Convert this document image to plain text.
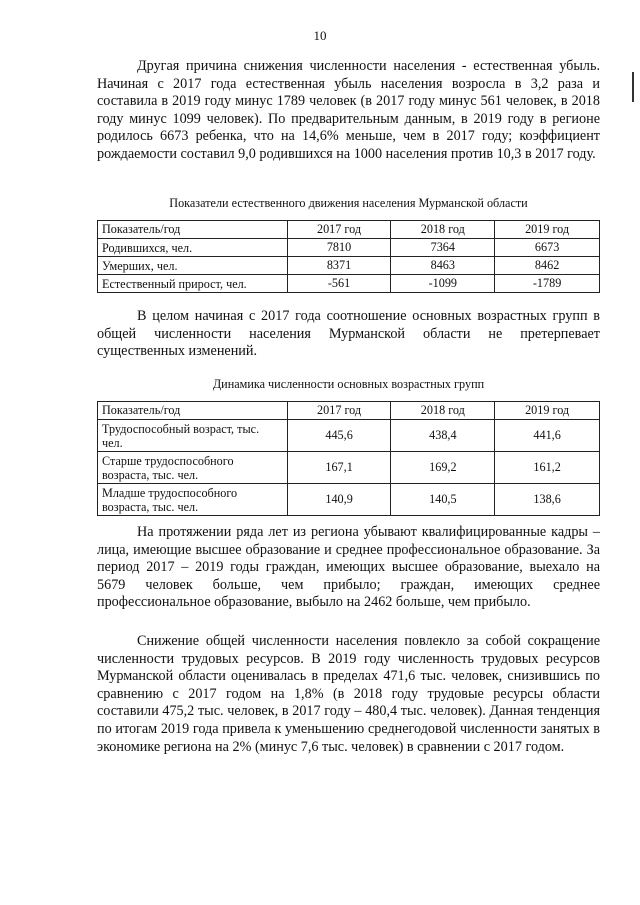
10

Другая причина снижения численности населения - естественная убыль. Начиная с 2017 года естественная убыль населения возросла в 3,2 раза и составила в 2019 году минус 1789 человек (в 2017 году минус 561 человек, в 2018 году минус 1099 человек). По предварительным данным, в 2019 году в регионе родилось 6673 ребенка, что на 14,6% меньше, чем в 2017 году; коэффициент рождаемости составил 9,0 родившихся на 1000 населения против 10,3 в 2017 году.

Показатели естественного движения населения Мурманской области

Показатель/год	2017 год	2018 год	2019 год
Родившихся, чел.	7810	7364	6673
Умерших, чел.	8371	8463	8462
Естественный прирост, чел.	-561	-1099	-1789

В целом начиная с 2017 года соотношение основных возрастных групп в общей численности населения Мурманской области не претерпевает существенных изменений.

Динамика численности основных возрастных групп

Показатель/год	2017 год	2018 год	2019 год
Трудоспособный возраст, тыс. чел.	445,6	438,4	441,6
Старше трудоспособного возраста, тыс. чел.	167,1	169,2	161,2
Младше трудоспособного возраста, тыс. чел.	140,9	140,5	138,6

На протяжении ряда лет из региона убывают квалифицированные кадры – лица, имеющие высшее образование и среднее профессиональное образование. За период 2017 – 2019 годы граждан, имеющих высшее образование, выехало на 5679 человек больше, чем прибыло; граждан, имеющих среднее профессиональное образование, выбыло на 2462 больше, чем прибыло.

Снижение общей численности населения повлекло за собой сокращение численности трудовых ресурсов. В 2019 году численность трудовых ресурсов Мурманской области оценивалась в пределах 471,6 тыс. человек, снизившись по сравнению с 2017 годом на 1,8% (в 2018 году трудовые ресурсы области составили 475,2 тыс. человек, в 2017 году – 480,4 тыс. человек). Данная тенденция по итогам 2019 года привела к уменьшению среднегодовой численности занятых в экономике региона на 2% (минус 7,6 тыс. человек) в сравнении с 2017 годом.
